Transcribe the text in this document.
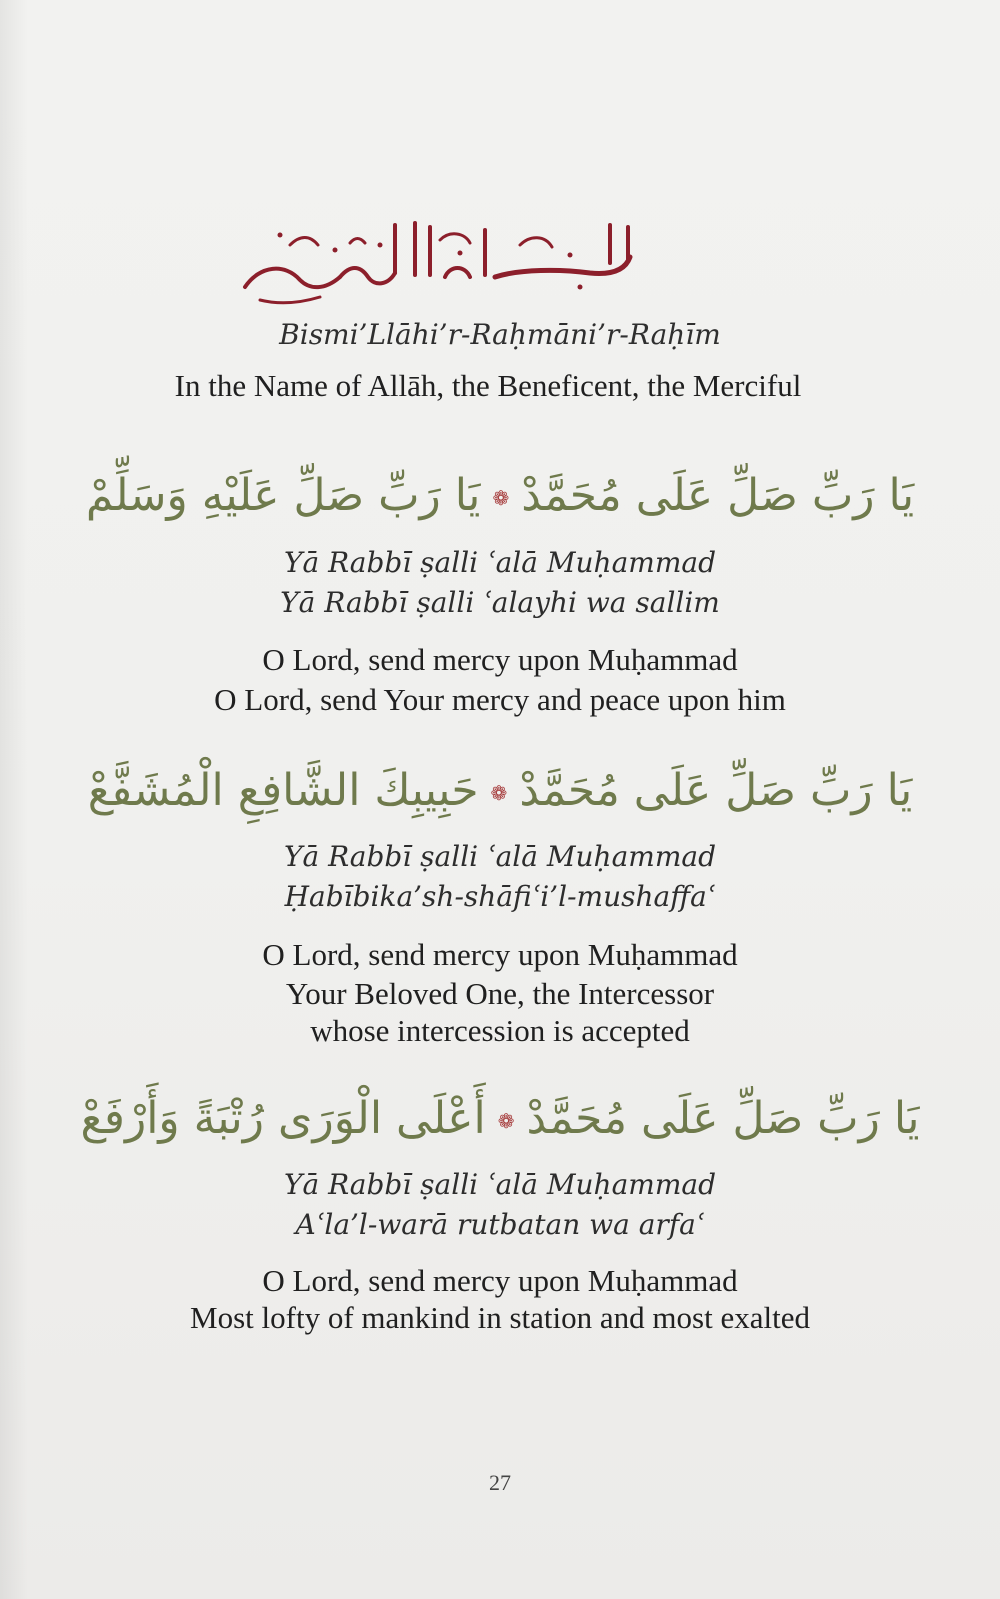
Bismi’Llāhi’r-Raḥmāni’r-Raḥīm
In the Name of Allāh, the Beneficent, the Merciful
يَا رَبِّ صَلِّ عَلَى مُحَمَّدْ❁يَا رَبِّ صَلِّ عَلَيْهِ وَسَلِّمْ
Yā Rabbī ṣalli ʿalā Muḥammad
Yā Rabbī ṣalli ʿalayhi wa sallim
O Lord, send mercy upon Muḥammad
O Lord, send Your mercy and peace upon him
يَا رَبِّ صَلِّ عَلَى مُحَمَّدْ❁حَبِيبِكَ الشَّافِعِ الْمُشَفَّعْ
Yā Rabbī ṣalli ʿalā Muḥammad
Ḥabībika’sh-shāfiʿi’l-mushaffaʿ
O Lord, send mercy upon Muḥammad
Your Beloved One, the Intercessor
whose intercession is accepted
يَا رَبِّ صَلِّ عَلَى مُحَمَّدْ❁أَعْلَى الْوَرَى رُتْبَةً وَأَرْفَعْ
Yā Rabbī ṣalli ʿalā Muḥammad
Aʿla’l-warā rutbatan wa arfaʿ
O Lord, send mercy upon Muḥammad
Most lofty of mankind in station and most exalted
27
